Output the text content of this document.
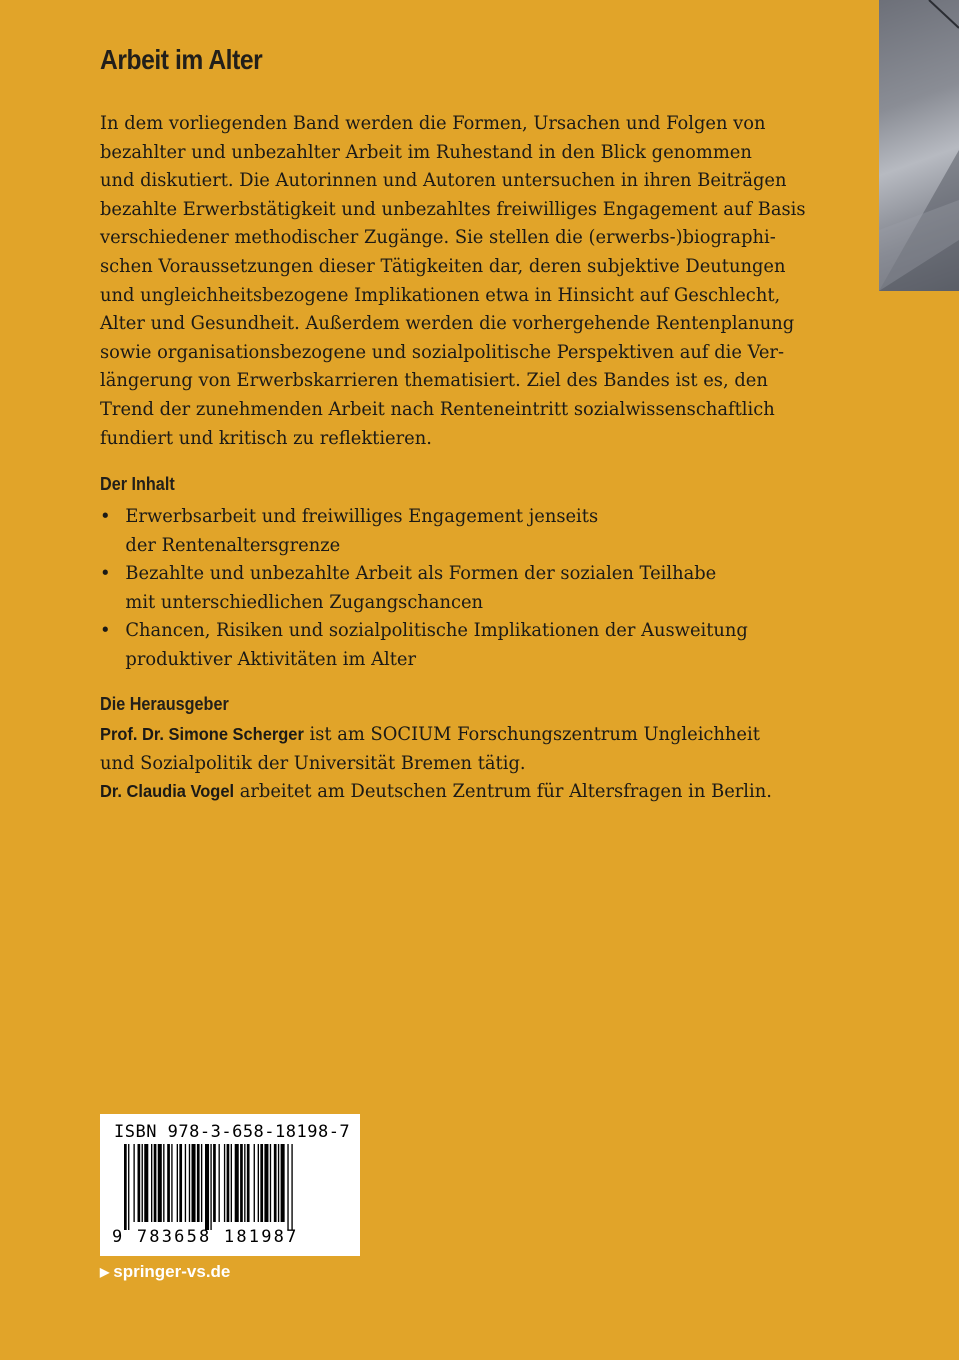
Arbeit im Alter
In dem vorliegenden Band werden die Formen, Ursachen und Folgen von
bezahlter und unbezahlter Arbeit im Ruhestand in den Blick genommen
und diskutiert. Die Autorinnen und Autoren untersuchen in ihren Beiträgen
bezahlte Erwerbstätigkeit und unbezahltes freiwilliges Engagement auf Basis
verschiedener methodischer Zugänge. Sie stellen die (erwerbs-)biographi-
schen Voraussetzungen dieser Tätigkeiten dar, deren subjektive Deutungen
und ungleichheitsbezogene Implikationen etwa in Hinsicht auf Geschlecht,
Alter und Gesundheit. Außerdem werden die vorhergehende Rentenplanung
sowie organisationsbezogene und sozialpolitische Perspektiven auf die Ver-
längerung von Erwerbskarrieren thematisiert. Ziel des Bandes ist es, den
Trend der zunehmenden Arbeit nach Renteneintritt sozialwissenschaftlich
fundiert und kritisch zu reflektieren.
Der Inhalt
• Erwerbsarbeit und freiwilliges Engagement jenseits
der Rentenaltersgrenze
• Bezahlte und unbezahlte Arbeit als Formen der sozialen Teilhabe
mit unterschiedlichen Zugangschancen
• Chancen, Risiken und sozialpolitische Implikationen der Ausweitung
produktiver Aktivitäten im Alter
Die Herausgeber
Prof. Dr. Simone Scherger ist am SOCIUM Forschungszentrum Ungleichheit
und Sozialpolitik der Universität Bremen tätig.
Dr. Claudia Vogel arbeitet am Deutschen Zentrum für Altersfragen in Berlin.
ISBN 978-3-658-18198-7
9 783658 181987
▶ springer-vs.de
